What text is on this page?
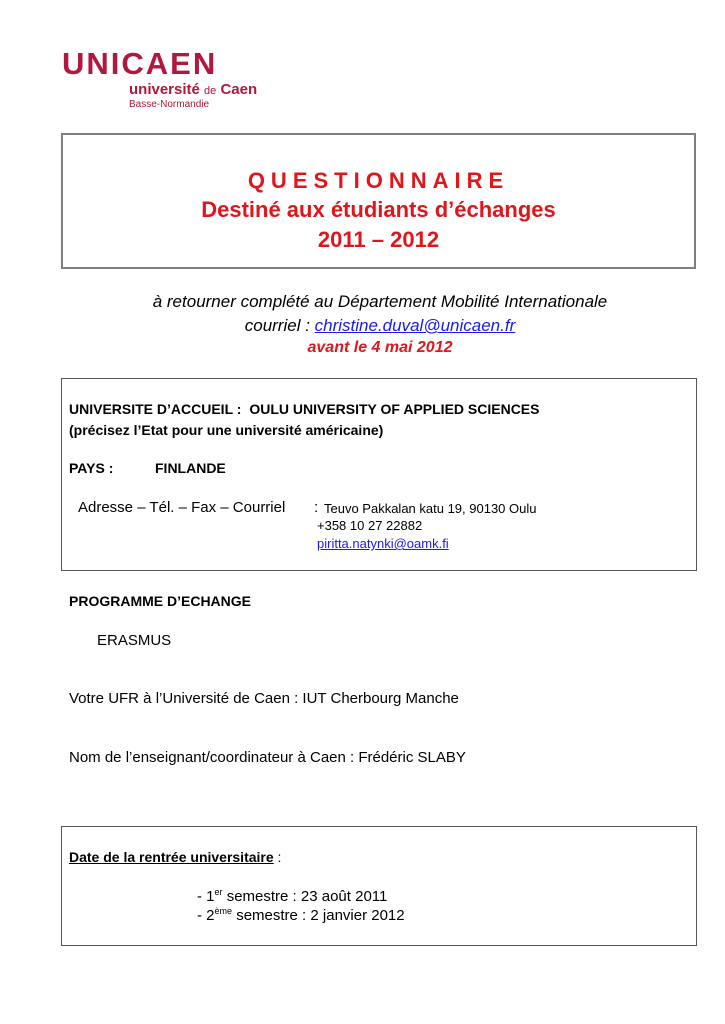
UNICAEN
université de Caen
Basse-Normandie
QUESTIONNAIRE
Destiné aux étudiants d’échanges
2011 – 2012
à retourner complété au Département Mobilité Internationale
courriel : christine.duval@unicaen.fr
avant le 4 mai 2012
UNIVERSITE D’ACCUEIL : OULU UNIVERSITY OF APPLIED SCIENCES
(précisez l’Etat pour une université américaine)
PAYS :	FINLANDE
Adresse – Tél. – Fax – Courriel : Teuvo Pakkalan katu 19, 90130 Oulu
+358 10 27 22882
piritta.natynki@oamk.fi
PROGRAMME D’ECHANGE
ERASMUS
Votre UFR à l’Université de Caen : IUT Cherbourg Manche
Nom de l’enseignant/coordinateur à Caen : Frédéric SLABY
Date de la rentrée universitaire :
- 1er semestre : 23 août 2011
- 2ème semestre : 2 janvier 2012
